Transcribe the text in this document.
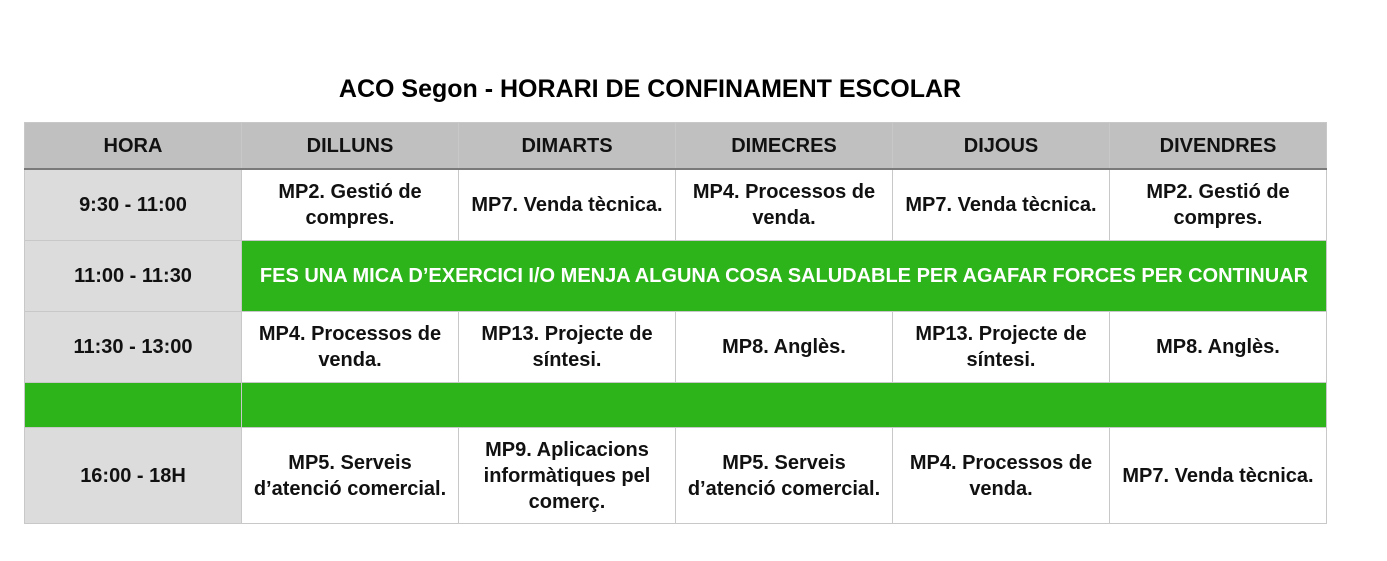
ACO Segon - HORARI DE CONFINAMENT ESCOLAR
HORA	DILLUNS	DIMARTS	DIMECRES	DIJOUS	DIVENDRES
9:30 - 11:00	MP2. Gestió de compres.	MP7. Venda tècnica.	MP4. Processos de venda.	MP7. Venda tècnica.	MP2. Gestió de compres.
11:00 - 11:30	FES UNA MICA D’EXERCICI I/O MENJA ALGUNA COSA SALUDABLE PER AGAFAR FORCES PER CONTINUAR				
11:30 - 13:00	MP4. Processos de venda.	MP13. Projecte de síntesi.	MP8. Anglès.	MP13. Projecte de síntesi.	MP8. Anglès.

16:00 - 18H	MP5. Serveis d’atenció comercial.	MP9. Aplicacions informàtiques pel comerç.	MP5. Serveis d’atenció comercial.	MP4. Processos de venda.	MP7. Venda tècnica.
